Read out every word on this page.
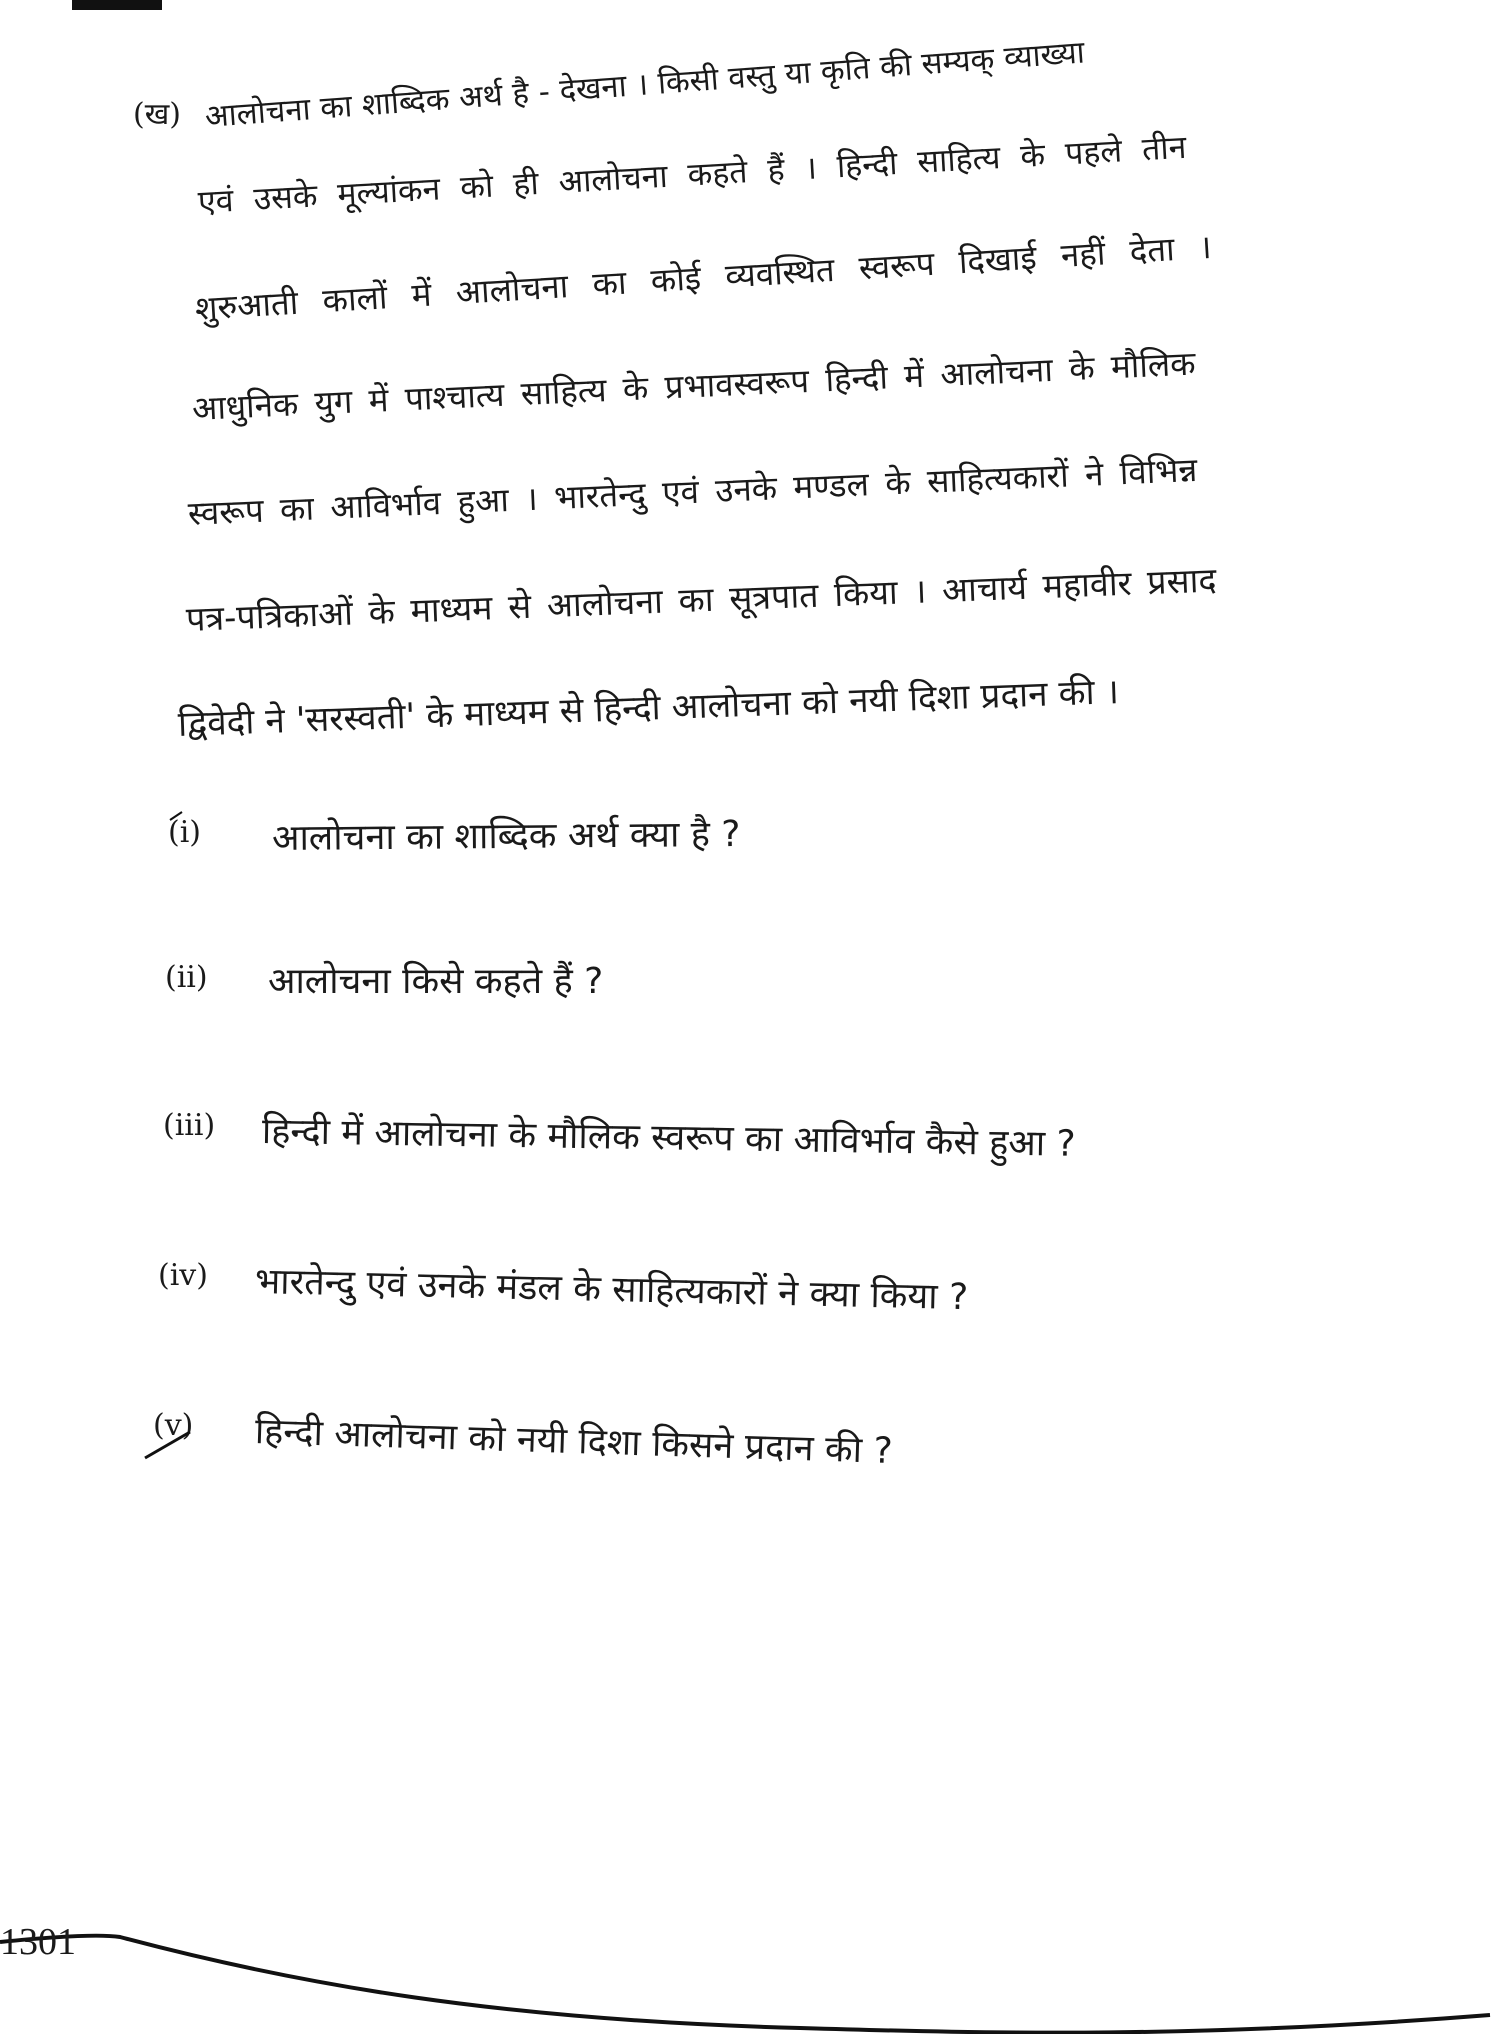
(ख) आलोचना का शाब्दिक अर्थ है - देखना । किसी वस्तु या कृति की सम्यक् व्याख्या
एवं उसके मूल्यांकन को ही आलोचना कहते हैं । हिन्दी साहित्य के पहले तीन
शुरुआती कालों में आलोचना का कोई व्यवस्थित स्वरूप दिखाई नहीं देता ।
आधुनिक युग में पाश्चात्य साहित्य के प्रभावस्वरूप हिन्दी में आलोचना के मौलिक
स्वरूप का आविर्भाव हुआ । भारतेन्दु एवं उनके मण्डल के साहित्यकारों ने विभिन्न
पत्र-पत्रिकाओं के माध्यम से आलोचना का सूत्रपात किया । आचार्य महावीर प्रसाद
द्विवेदी ने 'सरस्वती' के माध्यम से हिन्दी आलोचना को नयी दिशा प्रदान की ।
(i) आलोचना का शाब्दिक अर्थ क्या है ?
(ii) आलोचना किसे कहते हैं ?
(iii) हिन्दी में आलोचना के मौलिक स्वरूप का आविर्भाव कैसे हुआ ?
(iv) भारतेन्दु एवं उनके मंडल के साहित्यकारों ने क्या किया ?
(v) हिन्दी आलोचना को नयी दिशा किसने प्रदान की ?
1301
